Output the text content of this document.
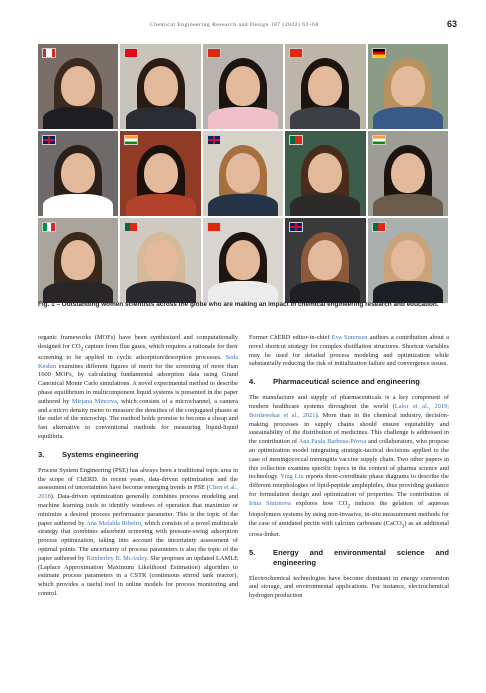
Chemical Engineering Research and Design 187 (2022) 62–68	63
Fig. 1 – Outstanding women scientists across the globe who are making an impact in chemical engineering research and education.

organic frameworks (MOFs) have been synthesized and computationally designed for $CO_2$ capture from flue gases, which requires a rationale for their screening to be applied in cyclic adsorption/desorption processes. Seda Keskin examines different figures of merit for the screening of more than 1600 MOFs, by calculating fundamental adsorption data using Grand Canonical Monte Carlo simulations. A novel experimental method to describe phase equilibrium in multicomponent liquid systems is presented in the paper authored by Mirjana Minceva, which consists of a microchannel, a camera and a micro density meter to measure the densities of the conjugated phases at the outlet of the microchip. The method holds promise to become a cheap and fast alternative to conventional methods for measuring liquid-liquid equilibria.

3. Systems engineering

Process System Engineering (PSE) has always been a traditional topic area in the scope of ChERD. In recent years, data-driven optimization and the assessment of uncertainties have become emerging trends in PSE (Chen et al., 2018). Data-driven optimization generally combines process modeling and machine learning tools to identify windows of operation that maximize or minimize a desired process performance parameter. This is the topic of the paper authored by Ana Mafalda Ribeiro, which consists of a novel multiscale strategy that combines adsorbent screening with pressure-swing adsorption process optimization, taking into account the uncertainty assessment of optimal points. The uncertainty of process parameters is also the topic of the paper authored by Kimberley B. McAuley. She proposes an updated LAMLE (Laplace Approximation Maximum Likelihood Estimation) algorithm to estimate process parameters in a CSTR (continuous stirred tank reactor), which provides a useful tool in online models for process monitoring and control.

Former ChERD editor-in-chief Eva Sorensen authors a contribution about a novel shortcut strategy for complex distillation structures. Shortcut variables may be used for detailed process modeling and optimization while substantially reducing the risk of initialization failure and convergence issues.

4. Pharmaceutical science and engineering

The manufacture and supply of pharmaceuticals is a key component of modern healthcare systems throughout the world (Lalor et al., 2019; Bordawekar et al., 2021). More than in the chemical industry, decision-making processes in supply chains should ensure equitability and sustainability of the distribution of medicines. This challenge is addressed in the contribution of Ana Paula Barbosa-Póvoa and collaborators, who propose an optimization model integrating strategic-tactical decisions applied to the case of meningococcal meningitis vaccine supply chain. Two other papers in this collection examine specific topics in the context of pharma science and technology. Ying Liu reports three-coordinate phase diagrams to describe the different morphologies of lipid-peptide amphiphiles, thus providing guidance for formulation design and optimization of properties. The contribution of Irina Smirnova explores how $CO_2$ induces the gelation of aqueous biopolymers systems by using non-invasive, in-situ measurement methods for the case of amidated pectin with calcium carbonate (CaCO$_3$) as an additional cross-linker.

5.	Energy and environmental science and engineering

Electrochemical technologies have become dominant in energy conversion and storage, and environmental applications. For instance, electrochemical hydrogen production
